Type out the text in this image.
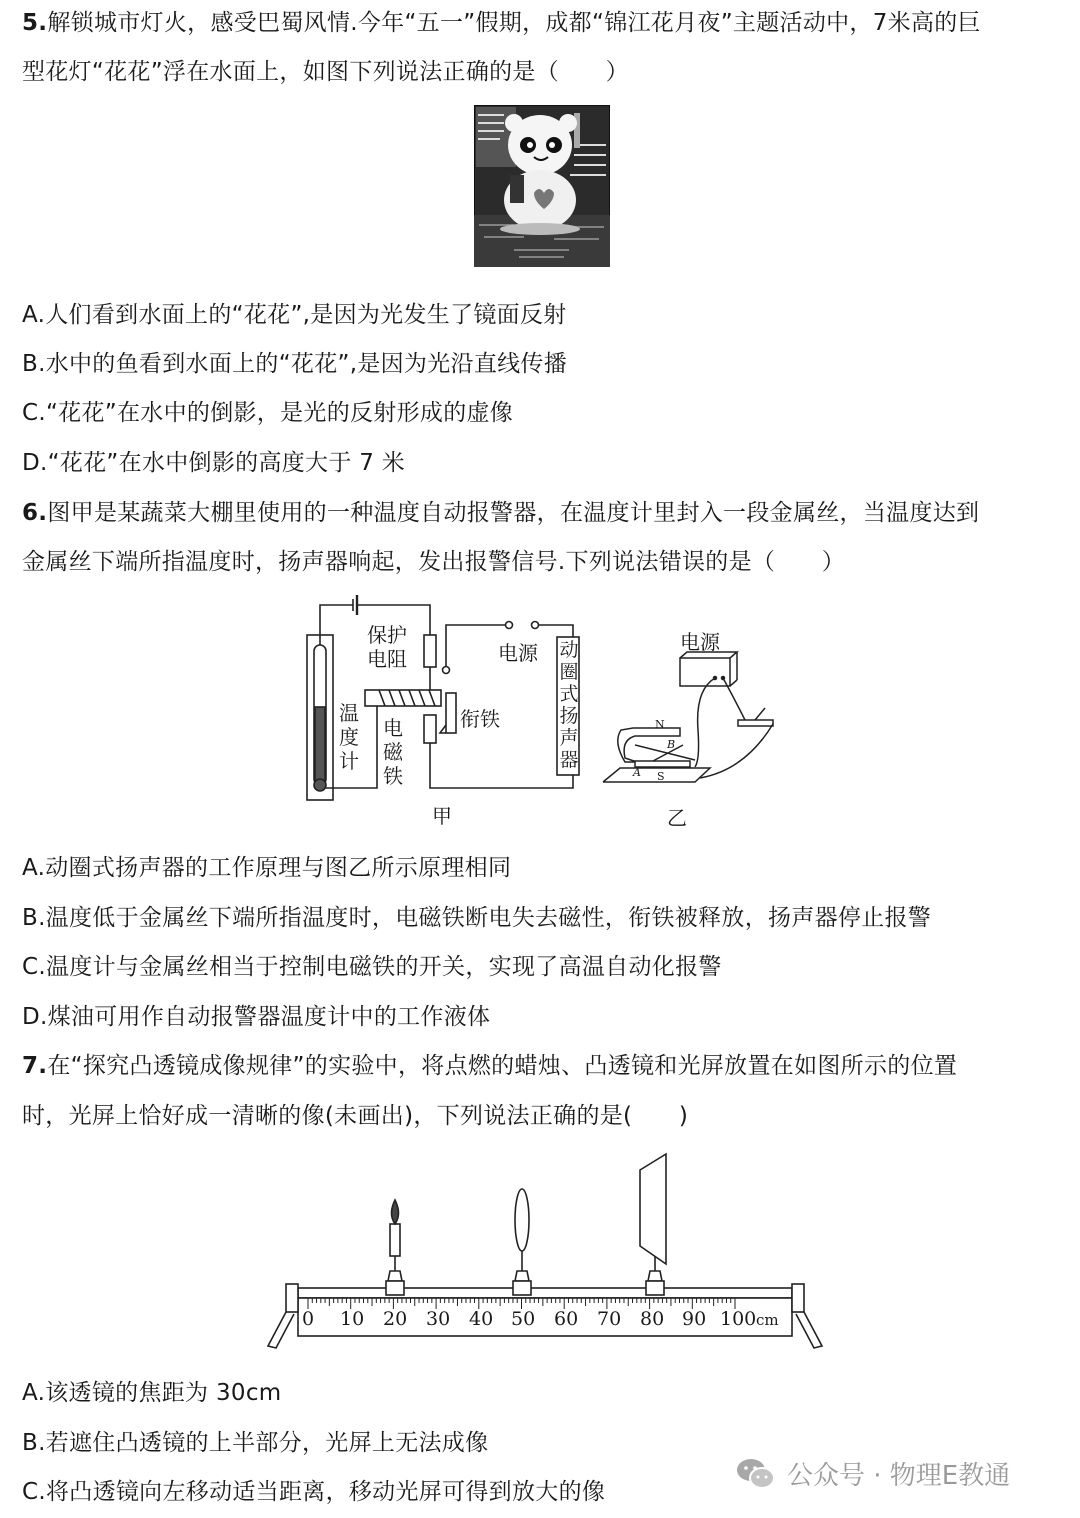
5.解锁城市灯火，感受巴蜀风情.今年“五一”假期，成都“锦江花月夜”主题活动中，7米高的巨
型花灯“花花”浮在水面上，如图下列说法正确的是（　　）
A.人们看到水面上的“花花”,是因为光发生了镜面反射
B.水中的鱼看到水面上的“花花”,是因为光沿直线传播
C.“花花”在水中的倒影，是光的反射形成的虚像
D.“花花”在水中倒影的高度大于 7 米
6.图甲是某蔬菜大棚里使用的一种温度自动报警器，在温度计里封入一段金属丝，当温度达到
金属丝下端所指温度时，扬声器响起，发出报警信号.下列说法错误的是（　　）
保护
电阻
温
度
计
电
磁
铁
衔铁
电源 动
圈
式
扬
声
器
甲
电源
N
B
A S
乙
A.动圈式扬声器的工作原理与图乙所示原理相同
B.温度低于金属丝下端所指温度时，电磁铁断电失去磁性，衔铁被释放，扬声器停止报警
C.温度计与金属丝相当于控制电磁铁的开关，实现了高温自动化报警
D.煤油可用作自动报警器温度计中的工作液体
7.在“探究凸透镜成像规律”的实验中，将点燃的蜡烛、凸透镜和光屏放置在如图所示的位置
时，光屏上恰好成一清晰的像(未画出)，下列说法正确的是(　　)
0 10 20 30 40 50 60 70 80 90 100 cm
A.该透镜的焦距为 30cm
B.若遮住凸透镜的上半部分，光屏上无法成像
C.将凸透镜向左移动适当距离，移动光屏可得到放大的像
公众号 · 物理E教通
